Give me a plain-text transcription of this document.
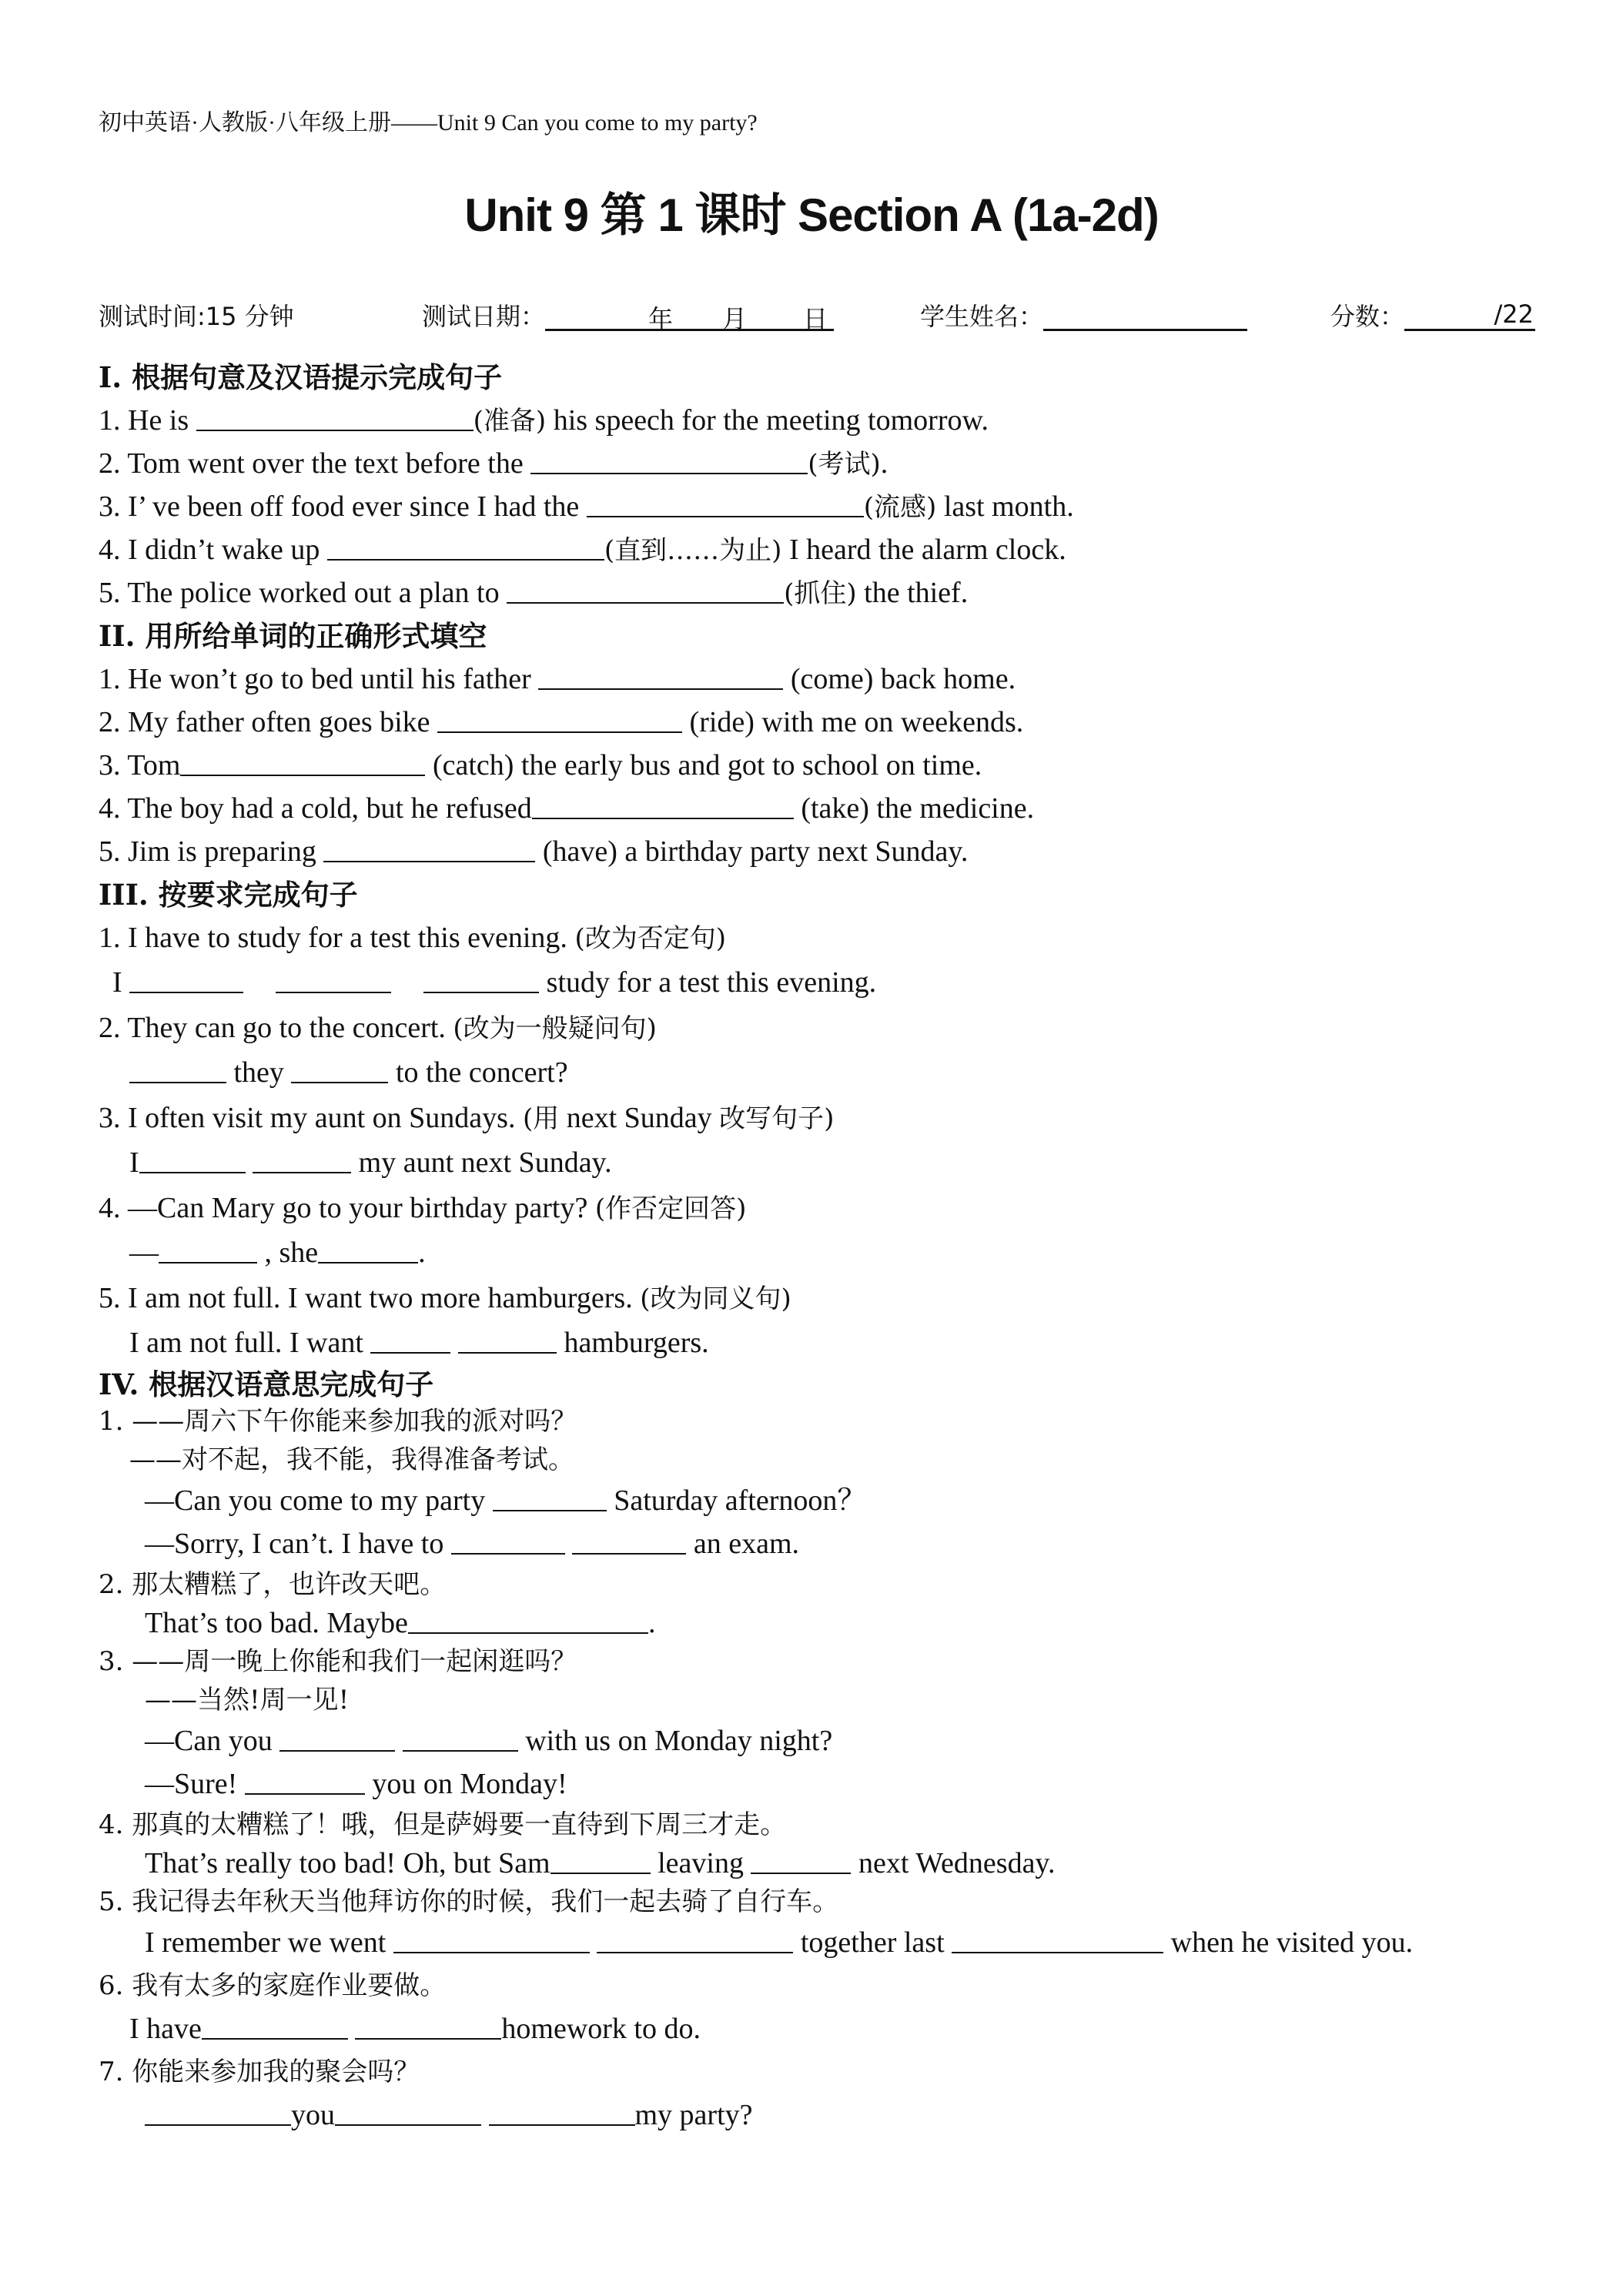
初中英语·人教版·八年级上册——Unit 9 Can you come to my party?
Unit 9 第 1 课时 Section A (1a-2d)
测试时间:15 分钟	测试日期：	年 月 日	学生姓名：	分数：	/22
I. 根据句意及汉语提示完成句子
1. He is	(准备) his speech for the meeting tomorrow.
2. Tom went over the text before the	(考试).
3. I’ ve been off food ever since I had the	(流感) last month.
4. I didn’t wake up	(直到……为止) I heard the alarm clock.
5. The police worked out a plan to	(抓住) the thief.
II. 用所给单词的正确形式填空
1. He won’t go to bed until his father	(come) back home.
2. My father often goes bike	(ride) with me on weekends.
3. Tom	(catch) the early bus and got to school on time.
4. The boy had a cold, but he refused	(take) the medicine.
5. Jim is preparing	(have) a birthday party next Sunday.
III. 按要求完成句子
1. I have to study for a test this evening. (改为否定句)
I	study for a test this evening.
2. They can go to the concert. (改为一般疑问句)
they	to the concert?
3. I often visit my aunt on Sundays. (用 next Sunday 改写句子)
I	my aunt next Sunday.
4. —Can Mary go to your birthday party? (作否定回答)
—	, she	.
5. I am not full. I want two more hamburgers. (改为同义句)
I am not full. I want	hamburgers.
IV. 根据汉语意思完成句子
1. ——周六下午你能来参加我的派对吗？
——对不起，我不能，我得准备考试。
—Can you come to my party	Saturday afternoon？
—Sorry, I can’t. I have to	an exam.
2. 那太糟糕了，也许改天吧。
That’s too bad. Maybe	.
3. ——周一晚上你能和我们一起闲逛吗？
——当然!周一见!
—Can you	with us on Monday night?
—Sure!	you on Monday!
4. 那真的太糟糕了！哦，但是萨姆要一直待到下周三才走。
That’s really too bad! Oh, but Sam	leaving	next Wednesday.
5. 我记得去年秋天当他拜访你的时候，我们一起去骑了自行车。
I remember we went	together last	when he visited you.
6. 我有太多的家庭作业要做。
I have	homework to do.
7. 你能来参加我的聚会吗？
you	my party?
